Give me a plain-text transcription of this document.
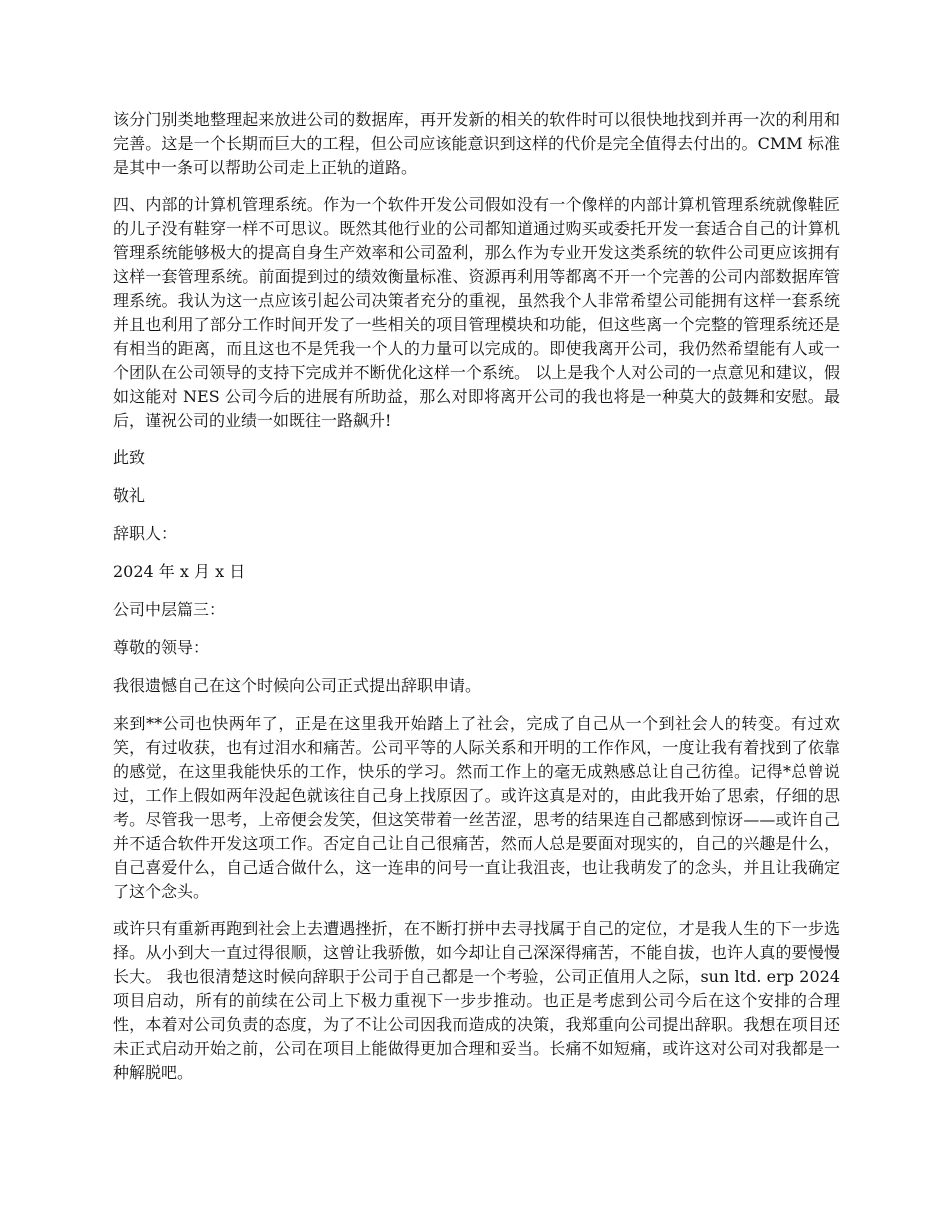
该分门别类地整理起来放进公司的数据库，再开发新的相关的软件时可以很快地找到并再一次的利用和完善。这是一个长期而巨大的工程，但公司应该能意识到这样的代价是完全值得去付出的。CMM 标准是其中一条可以帮助公司走上正轨的道路。

四、内部的计算机管理系统。作为一个软件开发公司假如没有一个像样的内部计算机管理系统就像鞋匠的儿子没有鞋穿一样不可思议。既然其他行业的公司都知道通过购买或委托开发一套适合自己的计算机管理系统能够极大的提高自身生产效率和公司盈利，那么作为专业开发这类系统的软件公司更应该拥有这样一套管理系统。前面提到过的绩效衡量标准、资源再利用等都离不开一个完善的公司内部数据库管理系统。我认为这一点应该引起公司决策者充分的重视，虽然我个人非常希望公司能拥有这样一套系统并且也利用了部分工作时间开发了一些相关的项目管理模块和功能，但这些离一个完整的管理系统还是有相当的距离，而且这也不是凭我一个人的力量可以完成的。即使我离开公司，我仍然希望能有人或一个团队在公司领导的支持下完成并不断优化这样一个系统。 以上是我个人对公司的一点意见和建议，假如这能对 NES 公司今后的进展有所助益，那么对即将离开公司的我也将是一种莫大的鼓舞和安慰。最后，谨祝公司的业绩一如既往一路飙升!

此致

敬礼

辞职人：

2024 年 x 月 x 日

公司中层篇三：

尊敬的领导：

我很遗憾自己在这个时候向公司正式提出辞职申请。

来到**公司也快两年了，正是在这里我开始踏上了社会，完成了自己从一个到社会人的转变。有过欢笑，有过收获，也有过泪水和痛苦。公司平等的人际关系和开明的工作作风，一度让我有着找到了依靠的感觉，在这里我能快乐的工作，快乐的学习。然而工作上的毫无成熟感总让自己彷徨。记得*总曾说过，工作上假如两年没起色就该往自己身上找原因了。或许这真是对的，由此我开始了思索，仔细的思考。尽管我一思考，上帝便会发笑，但这笑带着一丝苦涩，思考的结果连自己都感到惊讶——或许自己并不适合软件开发这项工作。否定自己让自己很痛苦，然而人总是要面对现实的，自己的兴趣是什么，自己喜爱什么，自己适合做什么，这一连串的问号一直让我沮丧，也让我萌发了的念头，并且让我确定了这个念头。

或许只有重新再跑到社会上去遭遇挫折，在不断打拼中去寻找属于自己的定位，才是我人生的下一步选择。从小到大一直过得很顺，这曾让我骄傲，如今却让自己深深得痛苦，不能自拔，也许人真的要慢慢长大。 我也很清楚这时候向辞职于公司于自己都是一个考验，公司正值用人之际，sun ltd. erp 2024 项目启动，所有的前续在公司上下极力重视下一步步推动。也正是考虑到公司今后在这个安排的合理性，本着对公司负责的态度，为了不让公司因我而造成的决策，我郑重向公司提出辞职。我想在项目还未正式启动开始之前，公司在项目上能做得更加合理和妥当。长痛不如短痛，或许这对公司对我都是一种解脱吧。
